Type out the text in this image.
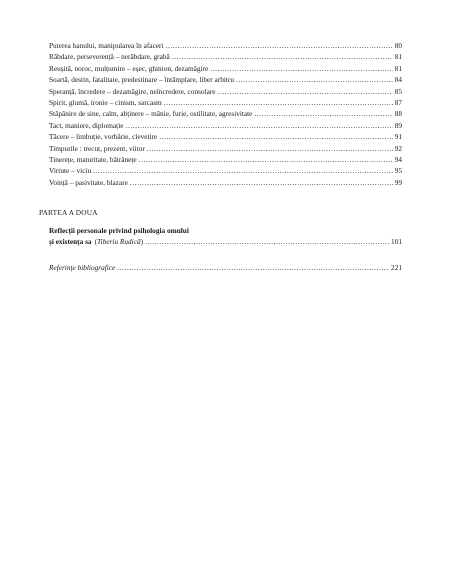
Puterea banului, manipularea în afaceri .....	80
Răbdare, perseverență – nerăbdare, grabă .....	81
Reușită, noroc, mulțumire – eșec, ghinion, dezamăgire .....	81
Soartă, destin, fatalitate, predestinare – întâmplare, liber arbitru .....	84
Speranță, încredere – dezamăgire, neîncredere, consolare .....	85
Spirit, glumă, ironie – cinism, sarcasm .....	87
Stăpânire de sine, calm, abținere – mânie, furie, ostilitate, agresivitate .....	88
Tact, maniere, diplomație .....	89
Tăcere – limbuție, vorbărie, clevetire .....	91
Timpurile : trecut, prezent, viitor .....	92
Tinerețe, maturitate, bătrânețe .....	94
Virtute – viciu .....	95
Voință – pasivitate, blazare .....	99
PARTEA A DOUA
Reflecții personale privind psihologia omului
și existența sa ( Tiberiu Rudică ) .....	101
Referințe bibliografice .....	221
